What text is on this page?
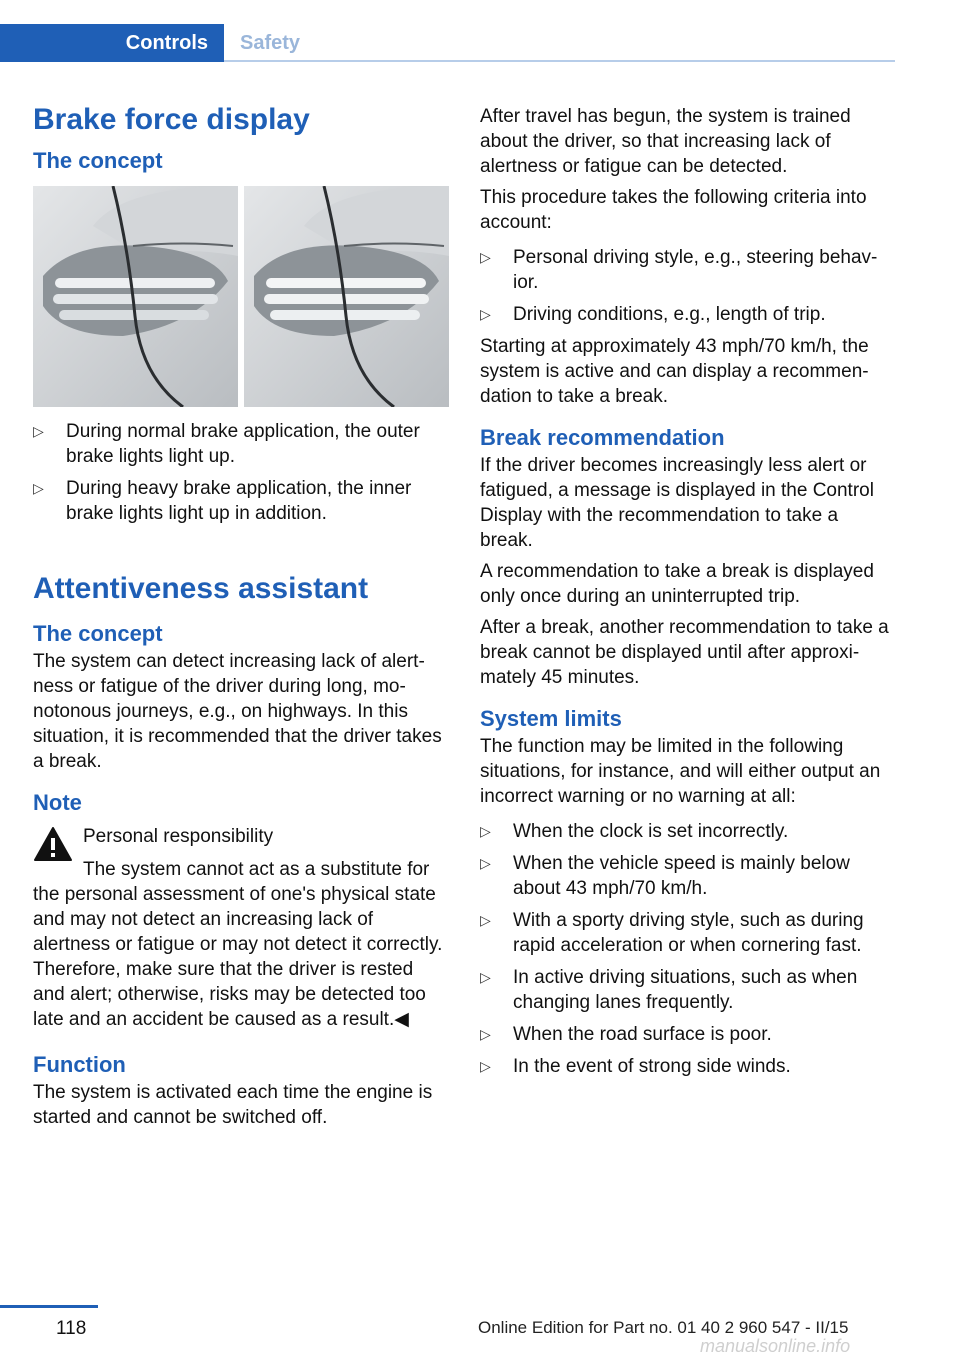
Controls	Safety
Brake force display
The concept
▷ During normal brake application, the outer brake lights light up.
▷ During heavy brake application, the inner brake lights light up in addition.
Attentiveness assistant
The concept

The system can detect increasing lack of alertness or fatigue of the driver during long, monotonous journeys, e.g., on highways. In this situation, it is recommended that the driver takes a break.

Note

Personal responsibility

The system cannot act as a substitute for the personal assessment of one's physical state and may not detect an increasing lack of alertness or fatigue or may not detect it correctly. Therefore, make sure that the driver is rested and alert; otherwise, risks may be detected too late and an accident be caused as a result.◀

Function

The system is activated each time the engine is started and cannot be switched off.

After travel has begun, the system is trained about the driver, so that increasing lack of alertness or fatigue can be detected.

This procedure takes the following criteria into account:

▷ Personal driving style, e.g., steering behavior.
▷ Driving conditions, e.g., length of trip.

Starting at approximately 43 mph/70 km/h, the system is active and can display a recommendation to take a break.

Break recommendation

If the driver becomes increasingly less alert or fatigued, a message is displayed in the Control Display with the recommendation to take a break.

A recommendation to take a break is displayed only once during an uninterrupted trip.

After a break, another recommendation to take a break cannot be displayed until after approximately 45 minutes.

System limits

The function may be limited in the following situations, for instance, and will either output an incorrect warning or no warning at all:

▷ When the clock is set incorrectly.
▷ When the vehicle speed is mainly below about 43 mph/70 km/h.
▷ With a sporty driving style, such as during rapid acceleration or when cornering fast.
▷ In active driving situations, such as when changing lanes frequently.
▷ When the road surface is poor.
▷ In the event of strong side winds.
118	Online Edition for Part no. 01 40 2 960 547 - II/15
manualsonline.info
